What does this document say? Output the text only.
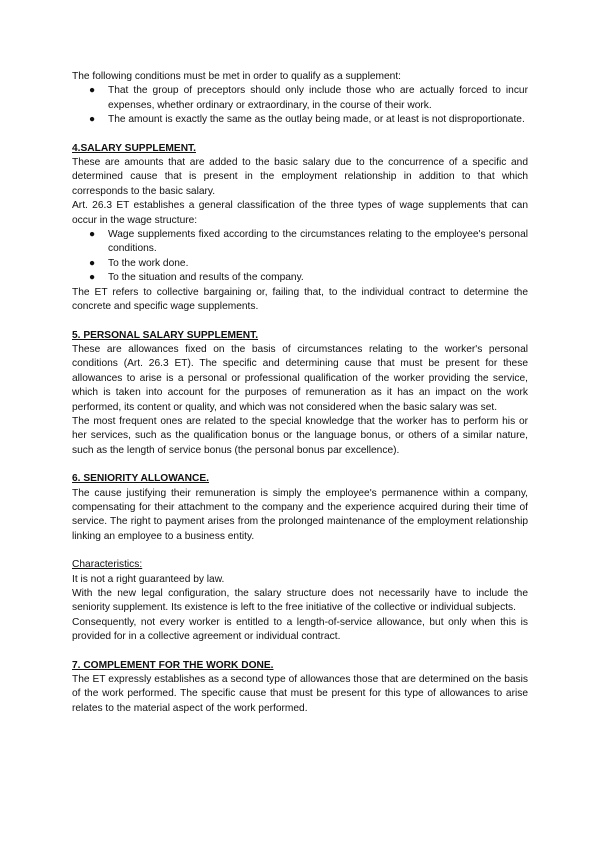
The following conditions must be met in order to qualify as a supplement:

● That the group of preceptors should only include those who are actually forced to incur expenses, whether ordinary or extraordinary, in the course of their work.
● The amount is exactly the same as the outlay being made, or at least is not disproportionate.
4.SALARY SUPPLEMENT.

These are amounts that are added to the basic salary due to the concurrence of a specific and determined cause that is present in the employment relationship in addition to that which corresponds to the basic salary.

Art. 26.3 ET establishes a general classification of the three types of wage supplements that can occur in the wage structure:

● Wage supplements fixed according to the circumstances relating to the employee's personal conditions.
● To the work done.
● To the situation and results of the company.

The ET refers to collective bargaining or, failing that, to the individual contract to determine the concrete and specific wage supplements.

5. PERSONAL SALARY SUPPLEMENT.

These are allowances fixed on the basis of circumstances relating to the worker's personal conditions (Art. 26.3 ET). The specific and determining cause that must be present for these allowances to arise is a personal or professional qualification of the worker providing the service, which is taken into account for the purposes of remuneration as it has an impact on the work performed, its content or quality, and which was not considered when the basic salary was set.

The most frequent ones are related to the special knowledge that the worker has to perform his or her services, such as the qualification bonus or the language bonus, or others of a similar nature, such as the length of service bonus (the personal bonus par excellence).

6. SENIORITY ALLOWANCE.

The cause justifying their remuneration is simply the employee's permanence within a company, compensating for their attachment to the company and the experience acquired during their time of service. The right to payment arises from the prolonged maintenance of the employment relationship linking an employee to a business entity.

Characteristics:

It is not a right guaranteed by law.

With the new legal configuration, the salary structure does not necessarily have to include the seniority supplement. Its existence is left to the free initiative of the collective or individual subjects.

Consequently, not every worker is entitled to a length-of-service allowance, but only when this is provided for in a collective agreement or individual contract.

7. COMPLEMENT FOR THE WORK DONE.

The ET expressly establishes as a second type of allowances those that are determined on the basis of the work performed. The specific cause that must be present for this type of allowances to arise relates to the material aspect of the work performed.
